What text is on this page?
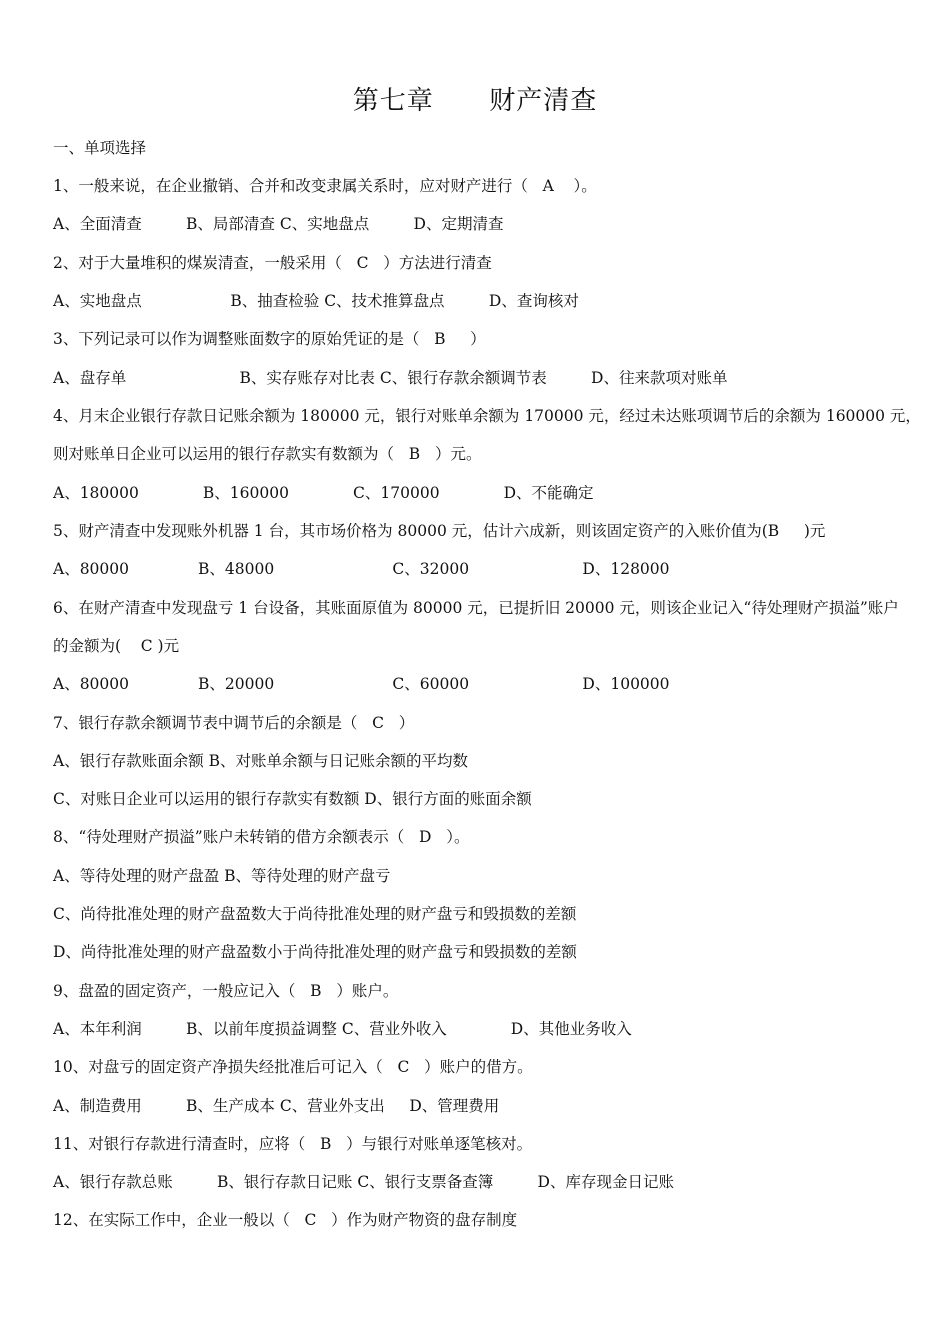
第七章      财产清查
一、单项选择
1、一般来说，在企业撤销、合并和改变隶属关系时，应对财产进行（   A    ）。
A、全面清查         B、局部清查 C、实地盘点         D、定期清查
2、对于大量堆积的煤炭清查，一般采用（   C   ）方法进行清查
A、实地盘点                  B、抽查检验 C、技术推算盘点         D、查询核对
3、下列记录可以作为调整账面数字的原始凭证的是（   B     ）
A、盘存单                       B、实存账存对比表 C、银行存款余额调节表         D、往来款项对账单
4、月末企业银行存款日记账余额为 180000 元，银行对账单余额为 170000 元，经过未达账项调节后的余额为 160000 元，
则对账单日企业可以运用的银行存款实有数额为（   B   ）元。
A、180000             B、160000             C、170000             D、不能确定
5、财产清查中发现账外机器 1 台，其市场价格为 80000 元，估计六成新，则该固定资产的入账价值为(B     )元
A、80000              B、48000                        C、32000                       D、128000
6、在财产清查中发现盘亏 1 台设备，其账面原值为 80000 元，已提折旧 20000 元，则该企业记入“待处理财产损溢”账户
的金额为(    C )元
A、80000              B、20000                        C、60000                       D、100000
7、银行存款余额调节表中调节后的余额是（   C   ）
A、银行存款账面余额 B、对账单余额与日记账余额的平均数
C、对账日企业可以运用的银行存款实有数额 D、银行方面的账面余额
8、“待处理财产损溢”账户未转销的借方余额表示（   D   ）。
A、等待处理的财产盘盈 B、等待处理的财产盘亏
C、尚待批准处理的财产盘盈数大于尚待批准处理的财产盘亏和毁损数的差额
D、尚待批准处理的财产盘盈数小于尚待批准处理的财产盘亏和毁损数的差额
9、盘盈的固定资产，一般应记入（   B   ）账户。
A、本年利润         B、以前年度损益调整 C、营业外收入             D、其他业务收入
10、对盘亏的固定资产净损失经批准后可记入（   C   ）账户的借方。
A、制造费用         B、生产成本 C、营业外支出     D、管理费用
11、对银行存款进行清查时，应将（   B   ）与银行对账单逐笔核对。
A、银行存款总账         B、银行存款日记账 C、银行支票备查簿         D、库存现金日记账
12、在实际工作中，企业一般以（   C   ）作为财产物资的盘存制度
